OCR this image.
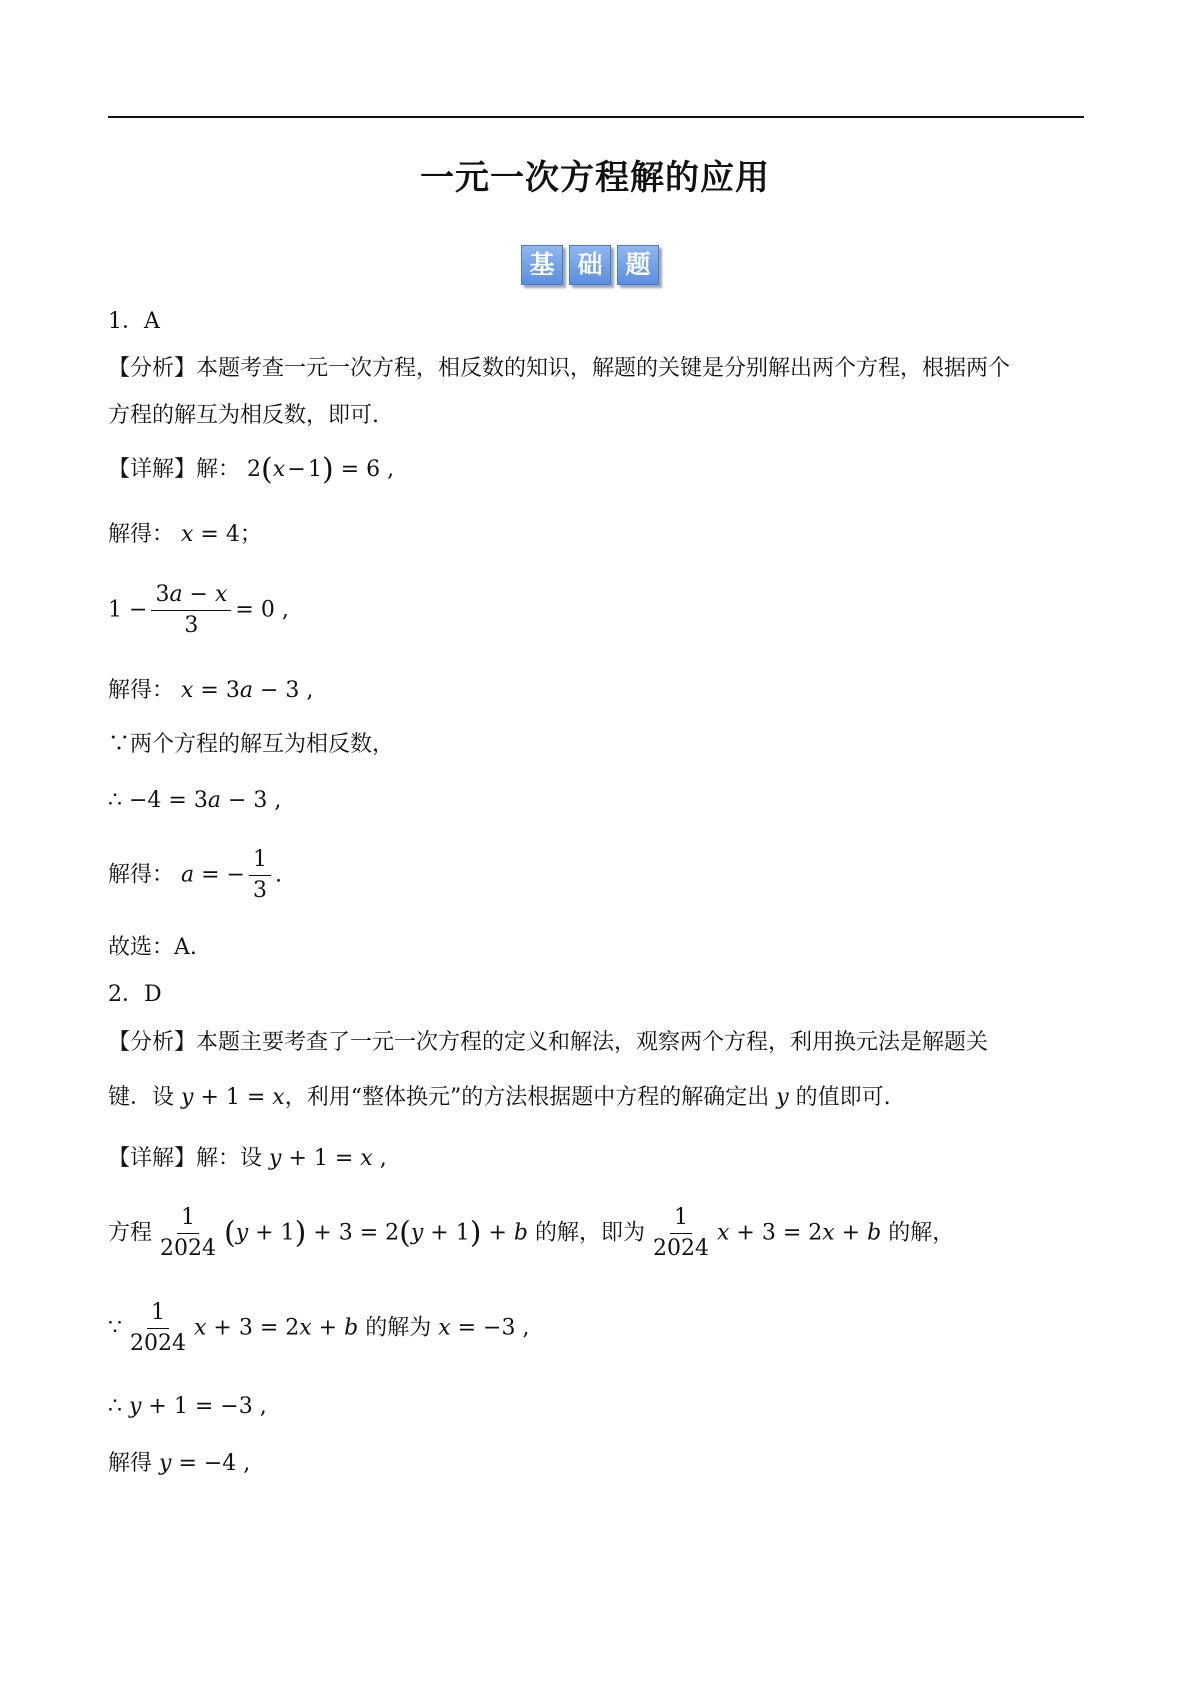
一元一次方程解的应用
基 础 题
1．A
【分析】本题考查一元一次方程，相反数的知识，解题的关键是分别解出两个方程，根据两个
方程的解互为相反数，即可.
【详解】解： 2(x − 1) = 6 ,
解得： x = 4；
$1 - \frac{3a - x}{3} = 0$ ,
解得： x = 3a − 3 ,
∵两个方程的解互为相反数，
∴ −4 = 3a − 3 ,
解得： a = − $\frac{1}{3}$ .
故选：A.
2．D
【分析】本题主要考查了一元一次方程的定义和解法，观察两个方程，利用换元法是解题关
键．设 y + 1 = x，利用“整体换元”的方法根据题中方程的解确定出 y 的值即可.
【详解】解：设 y + 1 = x ,
方程 $\frac{1}{2024} (y + 1) + 3 = 2(y + 1) + b$ 的解，即为 $\frac{1}{2024}$ x + 3 = 2x + b 的解，
∵ $\frac{1}{2024}$ x + 3 = 2x + b 的解为 x = −3 ,
∴ y + 1 = −3 ,
解得 y = −4 ,
